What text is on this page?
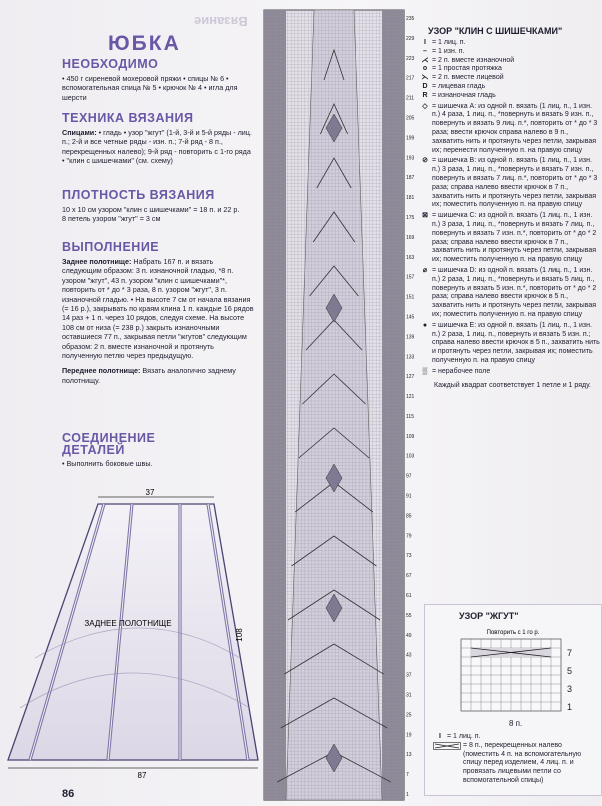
Вязание
ЮБКА

НЕОБХОДИМО

• 450 г сиреневой мохеровой пряжи • спицы № 6 • вспомогательная спица № 5 • крючок № 4 • игла для шерсти

ТЕХНИКА ВЯЗАНИЯ

Спицами: • гладь • узор "жгут" (1-й, 3-й и 5-й ряды - лиц. п.; 2-й и все четные ряды - изн. п.; 7-й ряд - 8 п., перекрещенных налево); 9-й ряд - повторить с 1-го ряда • "клин с шишечками" (см. схему)

ПЛОТНОСТЬ ВЯЗАНИЯ

10 x 10 см узором "клин с шишечками" = 18 п. и 22 р.

8 петель узором "жгут" = 3 см

ВЫПОЛНЕНИЕ

Заднее полотнище: Набрать 167 п. и вязать следующим образом: 3 п. изнаночной гладью, *8 п. узором "жгут", 43 п. узором "клин с шишечками"*, повторить от * до * 3 раза, 8 п. узором "жгут", 3 п. изнаночной гладью. • На высоте 7 см от начала вязания (= 16 р.), закрывать по краям клина 1 п. каждые 16 рядов 14 раз + 1 п. через 10 рядов, следуя схеме. На высоте 108 см от низа (= 238 р.) закрыть изнаночными оставшиеся 77 п., закрывая петли "жгутов" следующим образом: 2 п. вместе изнаночной и протянуть полученную петлю через предыдущую.

Переднее полотнище: Вязать аналогично заднему полотнищу.

СОЕДИНЕНИЕ

ДЕТАЛЕЙ

• Выполнить боковые швы.

37
87
108
ЗАДНЕЕ ПОЛОТНИЩЕ
86
235
229
223
217
211
205
199
193
187
181
175
169
163
157
151
145
139
133
127
121
115
109
103
97
91
85
79
73
67
61
55
49
43
37
31
25
19
13
7
1

УЗОР "КЛИН С ШИШЕЧКАМИ"

I = 1 лиц. п.
– = 1 изн. п.
⋌ = 2 п. вместе изнаночной
o = 1 простая протяжка
⋋ = 2 п. вместе лицевой
D = лицевая гладь
R = изнаночная гладь
◇ = шишечка A: из одной п. вязать (1 лиц. п., 1 изн. п.) 4 раза, 1 лиц. п., *повернуть и вязать 9 изн. п., повернуть и вязать 9 лиц. п.*, повторить от * до * 3 раза; ввести крючок справа налево в 9 п., захватить нить и протянуть через петли, закрывая их; перенести полученную п. на правую спицу
⊘ = шишечка B: из одной п. вязать (1 лиц. п., 1 изн. п.) 3 раза, 1 лиц. п., *повернуть и вязать 7 изн. п., повернуть и вязать 7 лиц. п.*, повторить от * до * 3 раза; справа налево ввести крючок в 7 п., захватить нить и протянуть через петли, закрывая их; поместить полученную п. на правую спицу
⊠ = шишечка C: из одной п. вязать (1 лиц. п., 1 изн. п.) 3 раза, 1 лиц. п., *повернуть и вязать 7 лиц. п., повернуть и вязать 7 изн. п.*, повторить от * до * 2 раза; справа налево ввести крючок в 7 п., захватить нить и протянуть через петли, закрывая их; поместить полученную п. на правую спицу
⌀ = шишечка D: из одной п. вязать (1 лиц. п., 1 изн. п.) 2 раза, 1 лиц. п., *повернуть и вязать 5 лиц. п., повернуть и вязать 5 изн. п.*, повторить от * до * 2 раза; справа налево ввести крючок в 5 п., захватить нить и протянуть через петли, закрывая их; поместить полученную п. на правую спицу
● = шишечка E: из одной п. вязать (1 лиц. п., 1 изн. п.) 2 раза, 1 лиц. п., повернуть и вязать 5 изн. п.; справа налево ввести крючок в 5 п., захватить нить и протянуть через петли, закрывая их; поместить полученную п. на правую спицу
▒ = нерабочее поле

Каждый квадрат соответствует 1 петле и 1 ряду.

УЗОР "ЖГУТ"

Повторить с 1 го р.
7
5
3
1
8 п.
I = 1 лиц. п.
= 8 п., перекрещенных налево (поместить 4 п. на вспомогательную спицу перед изделием, 4 лиц. п. и провязать лицевыми петли со вспомогательной спицы)
